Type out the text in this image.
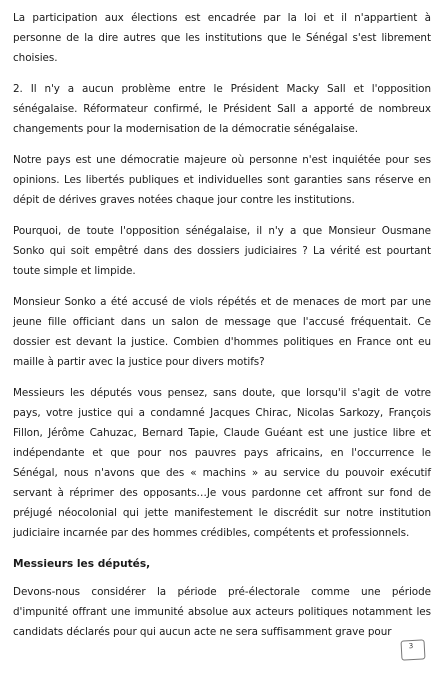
La participation aux élections est encadrée par la loi et il n'appartient à personne de la dire autres que les institutions que le Sénégal s'est librement choisies.

2. Il n'y a aucun problème entre le Président Macky Sall et l'opposition sénégalaise. Réformateur confirmé, le Président Sall a apporté de nombreux changements pour la modernisation de la démocratie sénégalaise.

Notre pays est une démocratie majeure où personne n'est inquiétée pour ses opinions. Les libertés publiques et individuelles sont garanties sans réserve en dépit de dérives graves notées chaque jour contre les institutions.

Pourquoi, de toute l'opposition sénégalaise, il n'y a que Monsieur Ousmane Sonko qui soit empêtré dans des dossiers judiciaires ? La vérité est pourtant toute simple et limpide.

Monsieur Sonko a été accusé de viols répétés et de menaces de mort par une jeune fille officiant dans un salon de message que l'accusé fréquentait. Ce dossier est devant la justice. Combien d'hommes politiques en France ont eu maille à partir avec la justice pour divers motifs?

Messieurs les députés vous pensez, sans doute, que lorsqu'il s'agit de votre pays, votre justice qui a condamné Jacques Chirac, Nicolas Sarkozy, François Fillon, Jérôme Cahuzac, Bernard Tapie, Claude Guéant est une justice libre et indépendante et que pour nos pauvres pays africains, en l'occurrence le Sénégal, nous n'avons que des « machins » au service du pouvoir exécutif servant à réprimer des opposants…Je vous pardonne cet affront sur fond de préjugé néocolonial qui jette manifestement le discrédit sur notre institution judiciaire incarnée par des hommes crédibles, compétents et professionnels.

Messieurs les députés,

Devons-nous considérer la période pré-électorale comme une période d'impunité offrant une immunité absolue aux acteurs politiques notamment les candidats déclarés pour qui aucun acte ne sera suffisamment grave pour

3
